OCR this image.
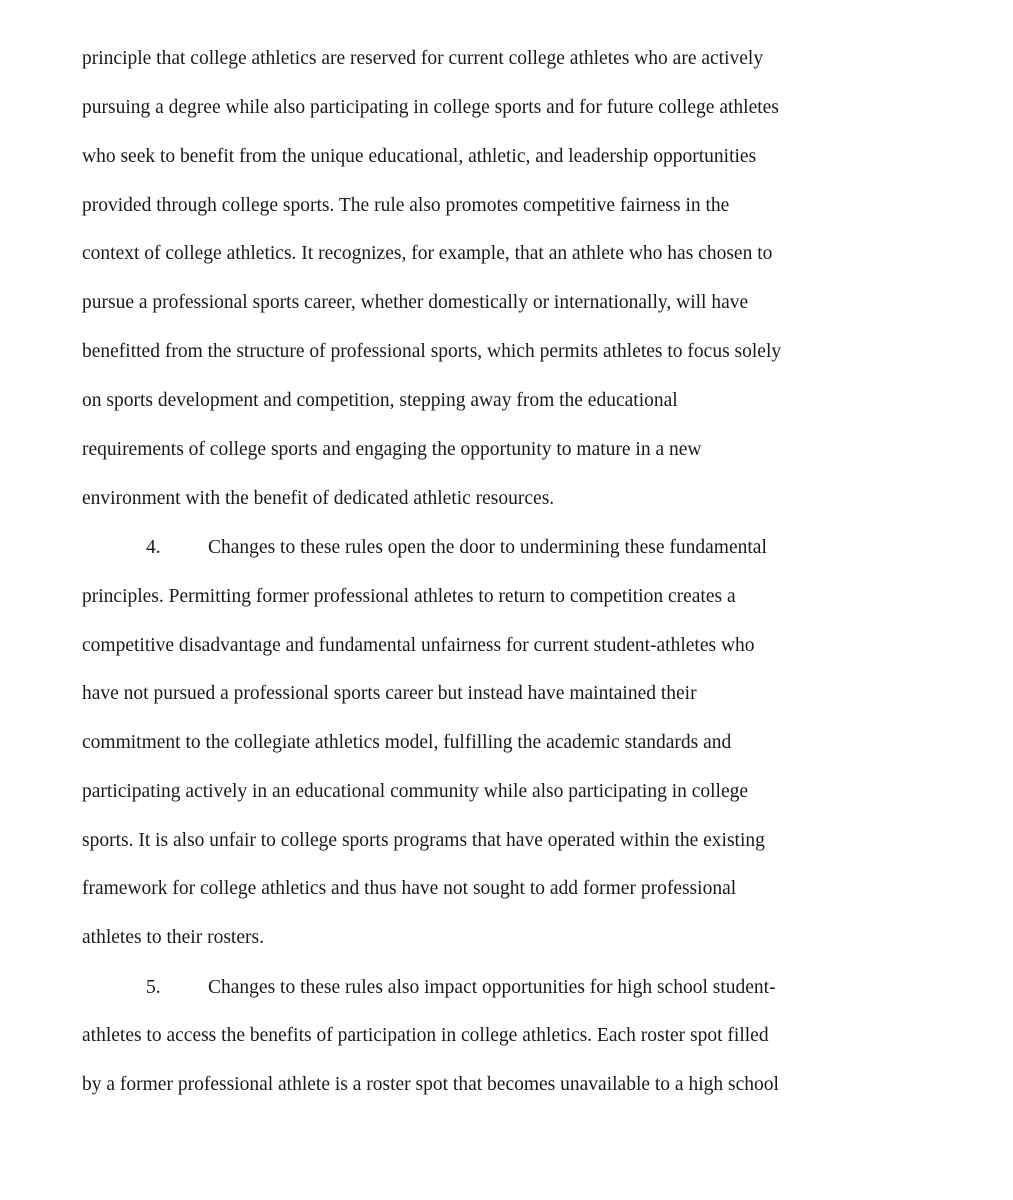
principle that college athletics are reserved for current college athletes who are actively
pursuing a degree while also participating in college sports and for future college athletes
who seek to benefit from the unique educational, athletic, and leadership opportunities
provided through college sports. The rule also promotes competitive fairness in the
context of college athletics. It recognizes, for example, that an athlete who has chosen to
pursue a professional sports career, whether domestically or internationally, will have
benefitted from the structure of professional sports, which permits athletes to focus solely
on sports development and competition, stepping away from the educational
requirements of college sports and engaging the opportunity to mature in a new
environment with the benefit of dedicated athletic resources.
4. Changes to these rules open the door to undermining these fundamental
principles. Permitting former professional athletes to return to competition creates a
competitive disadvantage and fundamental unfairness for current student-athletes who
have not pursued a professional sports career but instead have maintained their
commitment to the collegiate athletics model, fulfilling the academic standards and
participating actively in an educational community while also participating in college
sports. It is also unfair to college sports programs that have operated within the existing
framework for college athletics and thus have not sought to add former professional
athletes to their rosters.
5. Changes to these rules also impact opportunities for high school student-
athletes to access the benefits of participation in college athletics. Each roster spot filled
by a former professional athlete is a roster spot that becomes unavailable to a high school
